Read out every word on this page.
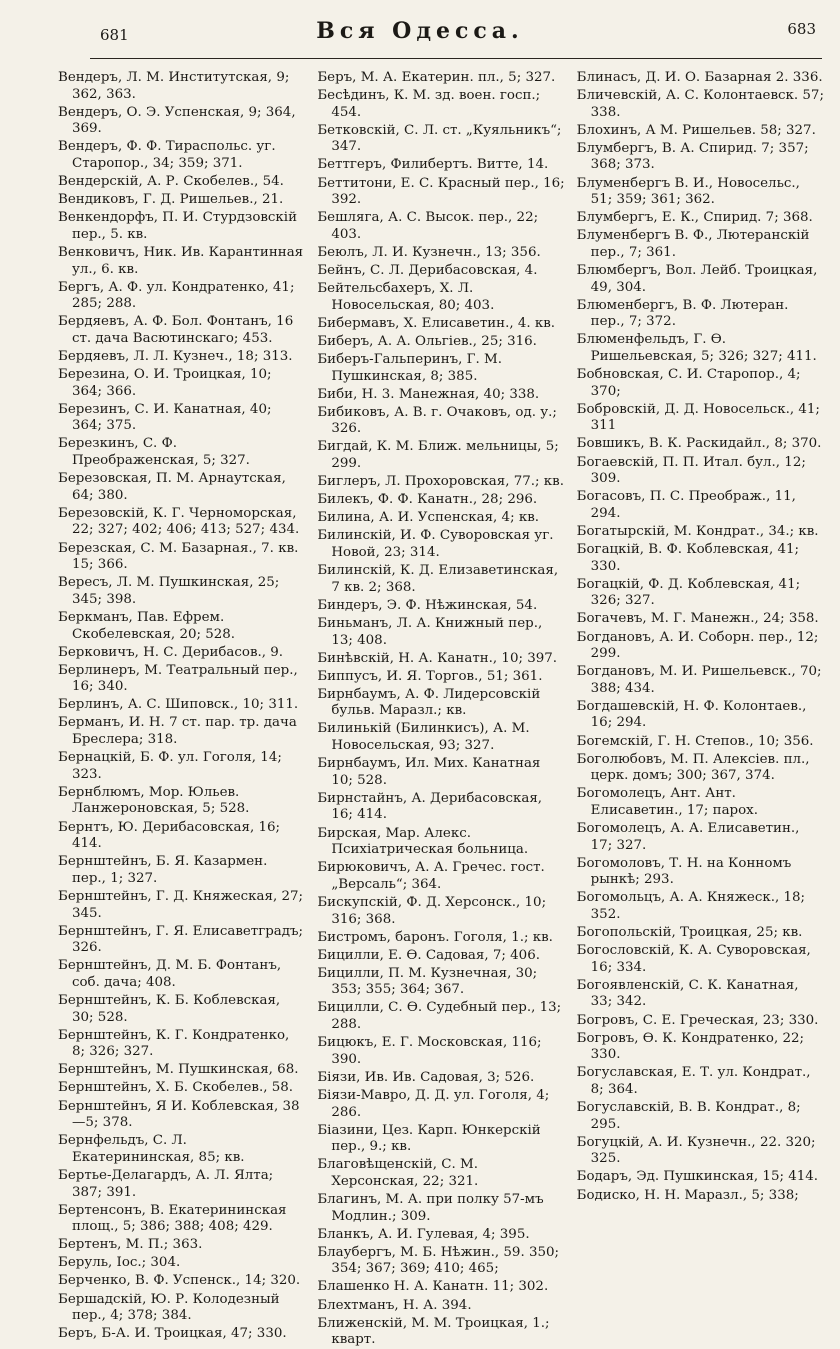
681	Вся Одесса.	683
Вендеръ, Л. М. Институтская, 9; 362, 363.
Вендеръ, О. Э. Успенская, 9; 364, 369.
Вендеръ, Ф. Ф. Тираспольс. уг. Старопор., 34; 359; 371.
Вендерскій, А. Р. Скобелев., 54.
Вендиковъ, Г. Д. Ришельев., 21.
Венкендорфъ, П. И. Стурдзовскій пер., 5. кв.
Венковичъ, Ник. Ив. Карантинная ул., 6. кв.
Бергъ, А. Ф. ул. Кондратенко, 41; 285; 288.
Бердяевъ, А. Ф. Бол. Фонтанъ, 16 ст. дача Васютинскаго; 453.
Бердяевъ, Л. Л. Кузнеч., 18; 313.
Березина, О. И. Троицкая, 10; 364; 366.
Березинъ, С. И. Канатная, 40; 364; 375.
Березкинъ, С. Ф. Преображенская, 5; 327.
Березовская, П. М. Арнаутская, 64; 380.
Березовскій, К. Г. Черноморская, 22; 327; 402; 406; 413; 527; 434.
Березская, С. М. Базарная., 7. кв. 15; 366.
Вересъ, Л. М. Пушкинская, 25; 345; 398.
Беркманъ, Пав. Ефрем. Скобелевская, 20; 528.
Берковичъ, Н. С. Дерибасов., 9.
Берлинеръ, М. Театральный пер., 16; 340.
Берлинъ, А. С. Шиповск., 10; 311.
Берманъ, И. Н. 7 ст. пар. тр. дача Бреслера; 318.
Бернацкій, Б. Ф. ул. Гоголя, 14; 323.
Бернблюмъ, Мор. Юльев. Ланжероновская, 5; 528.
Бернтъ, Ю. Дерибасовская, 16; 414.
Бернштейнъ, Б. Я. Казармен. пер., 1; 327.
Бернштейнъ, Г. Д. Княжеская, 27; 345.
Бернштейнъ, Г. Я. Елисаветградъ; 326.
Бернштейнъ, Д. М. Б. Фонтанъ, соб. дача; 408.
Бернштейнъ, К. Б. Коблевская, 30; 528.
Бернштейнъ, К. Г. Кондратенко, 8; 326; 327.
Бернштейнъ, М. Пушкинская, 68.
Бернштейнъ, Х. Б. Скобелев., 58.
Бернштейнъ, Я И. Коблевская, 38—5; 378.
Бернфельдъ, С. Л. Екатерининская, 85; кв.
Бертье-Делагардъ, А. Л. Ялта; 387; 391.
Бертенсонъ, В. Екатерининская площ., 5; 386; 388; 408; 429.
Бертенъ, М. П.; 363.
Беруль, Іос.; 304.
Берченко, В. Ф. Успенск., 14; 320.
Бершадскій, Ю. Р. Колодезный пер., 4; 378; 384.
Беръ, Б-А. И. Троицкая, 47; 330.
Беръ, М. А. Екатерин. пл., 5; 327.
Бесѣдинъ, К. М. зд. воен. госп.; 454.
Бетковскій, С. Л. ст. „Куяльникъ“; 347.
Беттгеръ, Филибертъ. Витте, 14.
Беттитони, Е. С. Красный пер., 16; 392.
Бешляга, А. С. Высок. пер., 22; 403.
Беюлъ, Л. И. Кузнечн., 13; 356.
Бейнъ, С. Л. Дерибасовская, 4.
Бейтельсбахеръ, Х. Л. Новосельская, 80; 403.
Бибермавъ, Х. Елисаветин., 4. кв.
Биберъ, А. А. Ольгіев., 25; 316.
Биберъ-Гальперинъ, Г. М. Пушкинская, 8; 385.
Биби, Н. 3. Манежная, 40; 338.
Бибиковъ, А. В. г. Очаковъ, од. у.; 326.
Бигдай, К. М. Ближ. мельницы, 5; 299.
Биглеръ, Л. Прохоровская, 77.; кв.
Билекъ, Ф. Ф. Канатн., 28; 296.
Билина, А. И. Успенская, 4; кв.
Билинскій, И. Ф. Суворовская уг. Новой, 23; 314.
Билинскій, К. Д. Елизаветинская, 7 кв. 2; 368.
Биндеръ, Э. Ф. Нѣжинская, 54.
Биньманъ, Л. А. Книжный пер., 13; 408.
Бинѣвскій, Н. А. Канатн., 10; 397.
Биппусъ, И. Я. Торгов., 51; 361.
Бирнбаумъ, А. Ф. Лидерсовскій бульв. Маразл.; кв.
Билинькій (Билинкисъ), А. М. Новосельская, 93; 327.
Бирнбаумъ, Ил. Мих. Канатная 10; 528.
Бирнстайнъ, А. Дерибасовская, 16; 414.
Бирская, Мар. Алекс. Психіатрическая больница.
Бирюковичъ, А. А. Гречес. гост. „Версаль“; 364.
Бискупскій, Ф. Д. Херсонск., 10; 316; 368.
Бистромъ, баронъ. Гоголя, 1.; кв.
Бицилли, Е. Ѳ. Садовая, 7; 406.
Бицилли, П. М. Кузнечная, 30; 353; 355; 364; 367.
Бицилли, С. Ѳ. Судебный пер., 13; 288.
Бицюкъ, Е. Г. Московская, 116; 390.
Біязи, Ив. Ив. Садовая, 3; 526.
Біязи-Мавро, Д. Д. ул. Гоголя, 4; 286.
Біазини, Цез. Карп. Юнкерскій пер., 9.; кв.
Благовѣщенскій, С. М. Херсонская, 22; 321.
Благинъ, М. А. при полку 57-мъ Модлин.; 309.
Бланкъ, А. И. Гулевая, 4; 395.
Блаубергъ, М. Б. Нѣжин., 59. 350; 354; 367; 369; 410; 465;
Блашенко Н. А. Канатн. 11; 302.
Блехтманъ, Н. А. 394.
Ближенскій, М. М. Троицкая, 1.; кварт.
Блинасъ, Д. И. О. Базарная 2. 336.
Бличевскій, А. С. Колонтаевск. 57; 338.
Блохинъ, А М. Ришельев. 58; 327.
Блумбергъ, В. А. Спирид. 7; 357; 368; 373.
Блуменбергъ В. И., Новосельс., 51; 359; 361; 362.
Блумбергъ, Е. К., Спирид. 7; 368.
Блуменбергъ В. Ф., Лютеранскій пер., 7; 361.
Блюмбергъ, Вол. Лейб. Троицкая, 49, 304.
Блюменбергъ, В. Ф. Лютеран. пер., 7; 372.
Блюменфельдъ, Г. Ѳ. Ришельевская, 5; 326; 327; 411.
Бобновская, С. И. Старопор., 4; 370;
Бобровскій, Д. Д. Новосельск., 41; 311
Бовшикъ, В. К. Раскидайл., 8; 370.
Богаевскій, П. П. Итал. бул., 12; 309.
Богасовъ, П. С. Преображ., 11, 294.
Богатырскій, М. Кондрат., 34.; кв.
Богацкій, В. Ф. Коблевская, 41; 330.
Богацкій, Ф. Д. Коблевская, 41; 326; 327.
Богачевъ, М. Г. Манежн., 24; 358.
Богдановъ, А. И. Соборн. пер., 12; 299.
Богдановъ, М. И. Ришельевск., 70; 388; 434.
Богдашевскій, Н. Ф. Колонтаев., 16; 294.
Богемскій, Г. Н. Степов., 10; 356.
Боголюбовъ, М. П. Алексіев. пл., церк. домъ; 300; 367, 374.
Богомолецъ, Ант. Ант. Елисаветин., 17; парох.
Богомолецъ, А. А. Елисаветин., 17; 327.
Богомоловъ, Т. Н. на Конномъ рынкѣ; 293.
Богомольцъ, А. А. Княжеск., 18; 352.
Богопольскій, Троицкая, 25; кв.
Богословскій, К. А. Суворовская, 16; 334.
Богоявленскій, С. К. Канатная, 33; 342.
Богровъ, С. Е. Греческая, 23; 330.
Богровъ, Ѳ. К. Кондратенко, 22; 330.
Богуславская, Е. Т. ул. Кондрат., 8; 364.
Богуславскій, В. В. Кондрат., 8; 295.
Богуцкій, А. И. Кузнечн., 22. 320; 325.
Бодаръ, Эд. Пушкинская, 15; 414.
Бодиско, Н. Н. Маразл., 5; 338;
